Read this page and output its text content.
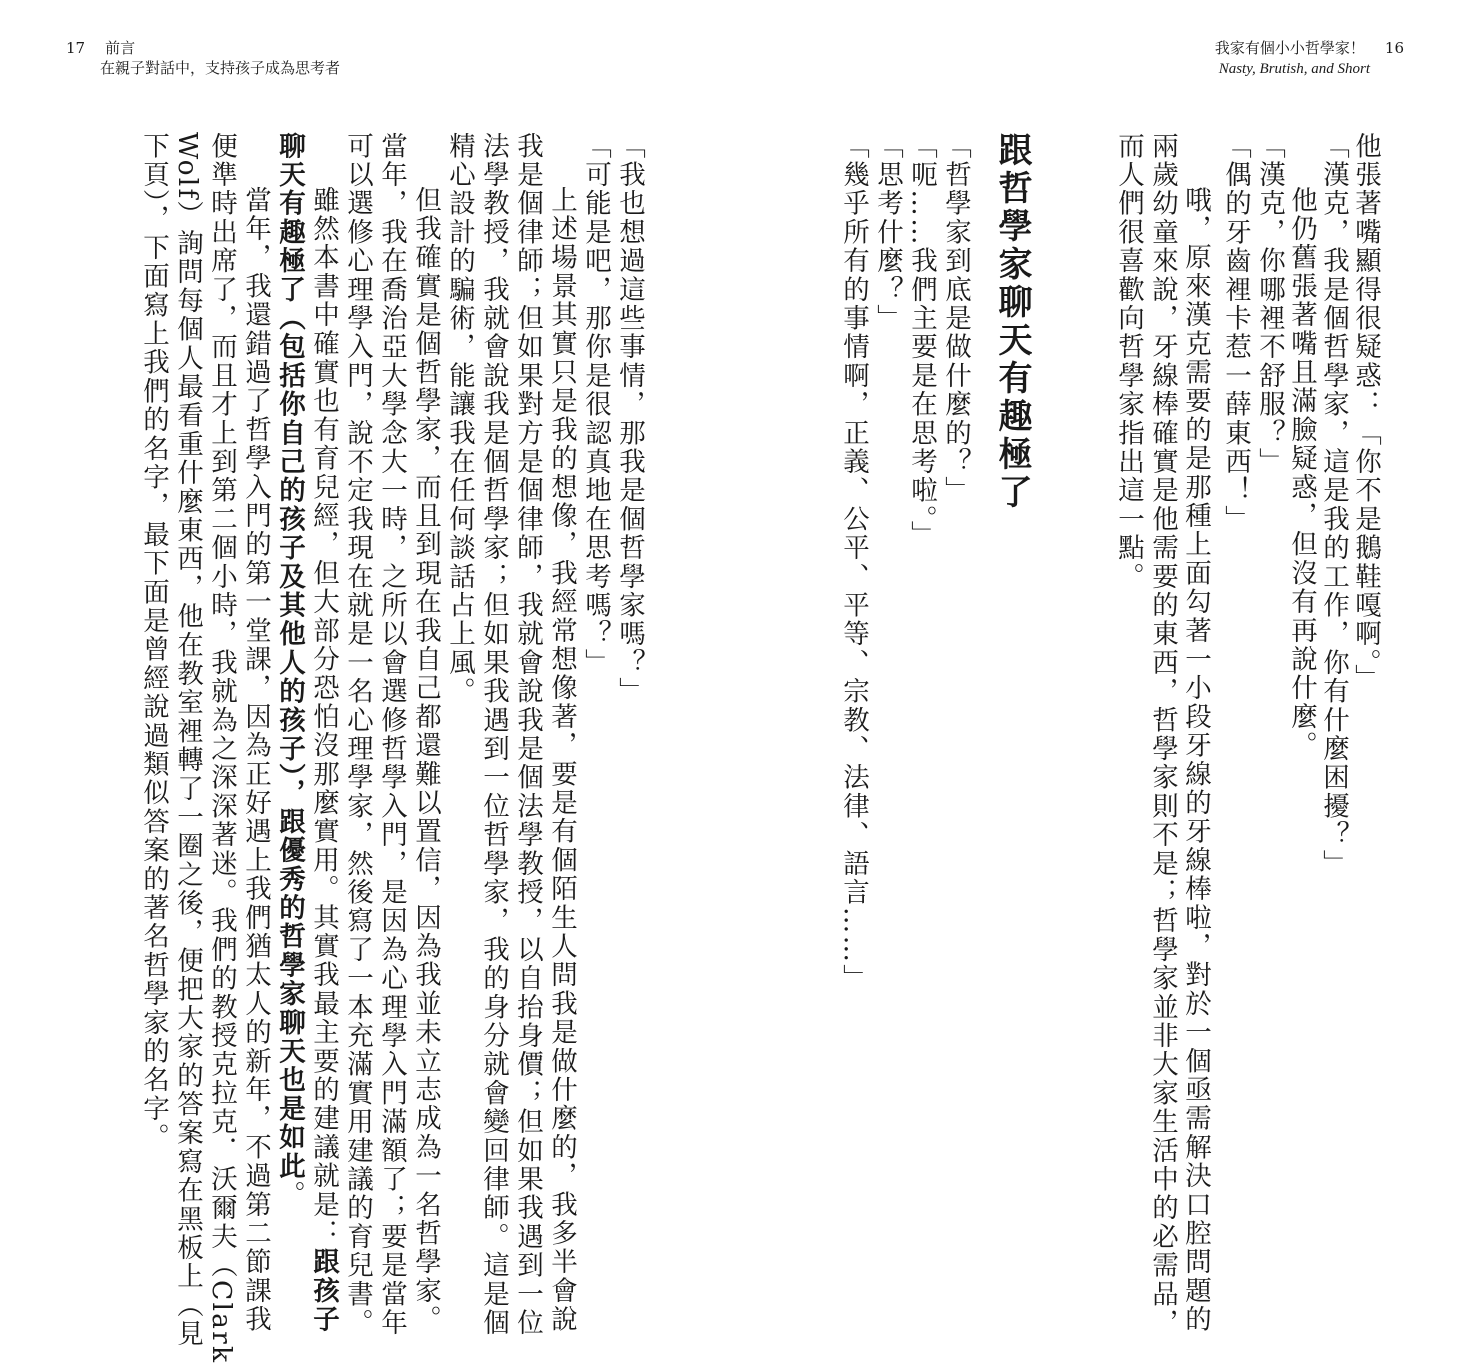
17 前言
在親子對話中，支持孩子成為思考者
我家有個小小哲學家！ 16
Nasty, Brutish, and Short
他張著嘴顯得很疑惑：「你不是鵝鞋嘎啊。」
「漢克，我是個哲學家，這是我的工作，你有什麼困擾？」
他仍舊張著嘴且滿臉疑惑，但沒有再說什麼。
「漢克，你哪裡不舒服？」
「偶的牙齒裡卡惹一薛東西！」
哦，原來漢克需要的是那種上面勾著一小段牙線的牙線棒啦，對於一個亟需解決口腔問題的
兩歲幼童來說，牙線棒確實是他需要的東西，哲學家則不是；哲學家並非大家生活中的必需品，
而人們很喜歡向哲學家指出這一點。
跟哲學家聊天有趣極了
「哲學家到底是做什麼的？」
「呃……我們主要是在思考啦。」
「思考什麼？」
「幾乎所有的事情啊，正義、公平、平等、宗教、法律、語言……」
「我也想過這些事情，那我是個哲學家嗎？」
「可能是吧，那你是很認真地在思考嗎？」
上述場景其實只是我的想像，我經常想像著，要是有個陌生人問我是做什麼的，我多半會說
我是個律師；但如果對方是個律師，我就會說我是個法學教授，以自抬身價；但如果我遇到一位
法學教授，我就會說我是個哲學家；但如果我遇到一位哲學家，我的身分就會變回律師。這是個
精心設計的騙術，能讓我在任何談話占上風。
但我確實是個哲學家，而且到現在我自己都還難以置信，因為我並未立志成為一名哲學家。
當年，我在喬治亞大學念大一時，之所以會選修哲學入門，是因為心理學入門滿額了；要是當年
可以選修心理學入門，說不定我現在就是一名心理學家，然後寫了一本充滿實用建議的育兒書。
雖然本書中確實也有育兒經，但大部分恐怕沒那麼實用。其實我最主要的建議就是：跟孩子
聊天有趣極了（包括你自己的孩子及其他人的孩子），跟優秀的哲學家聊天也是如此。
當年，我還錯過了哲學入門的第一堂課，因為正好遇上我們猶太人的新年，不過第二節課我
便準時出席了，而且才上到第二個小時，我就為之深深著迷。我們的教授克拉克．沃爾夫（Clark
Wolf）詢問每個人最看重什麼東西，他在教室裡轉了一圈之後，便把大家的答案寫在黑板上（見
下頁），下面寫上我們的名字，最下面是曾經說過類似答案的著名哲學家的名字。
